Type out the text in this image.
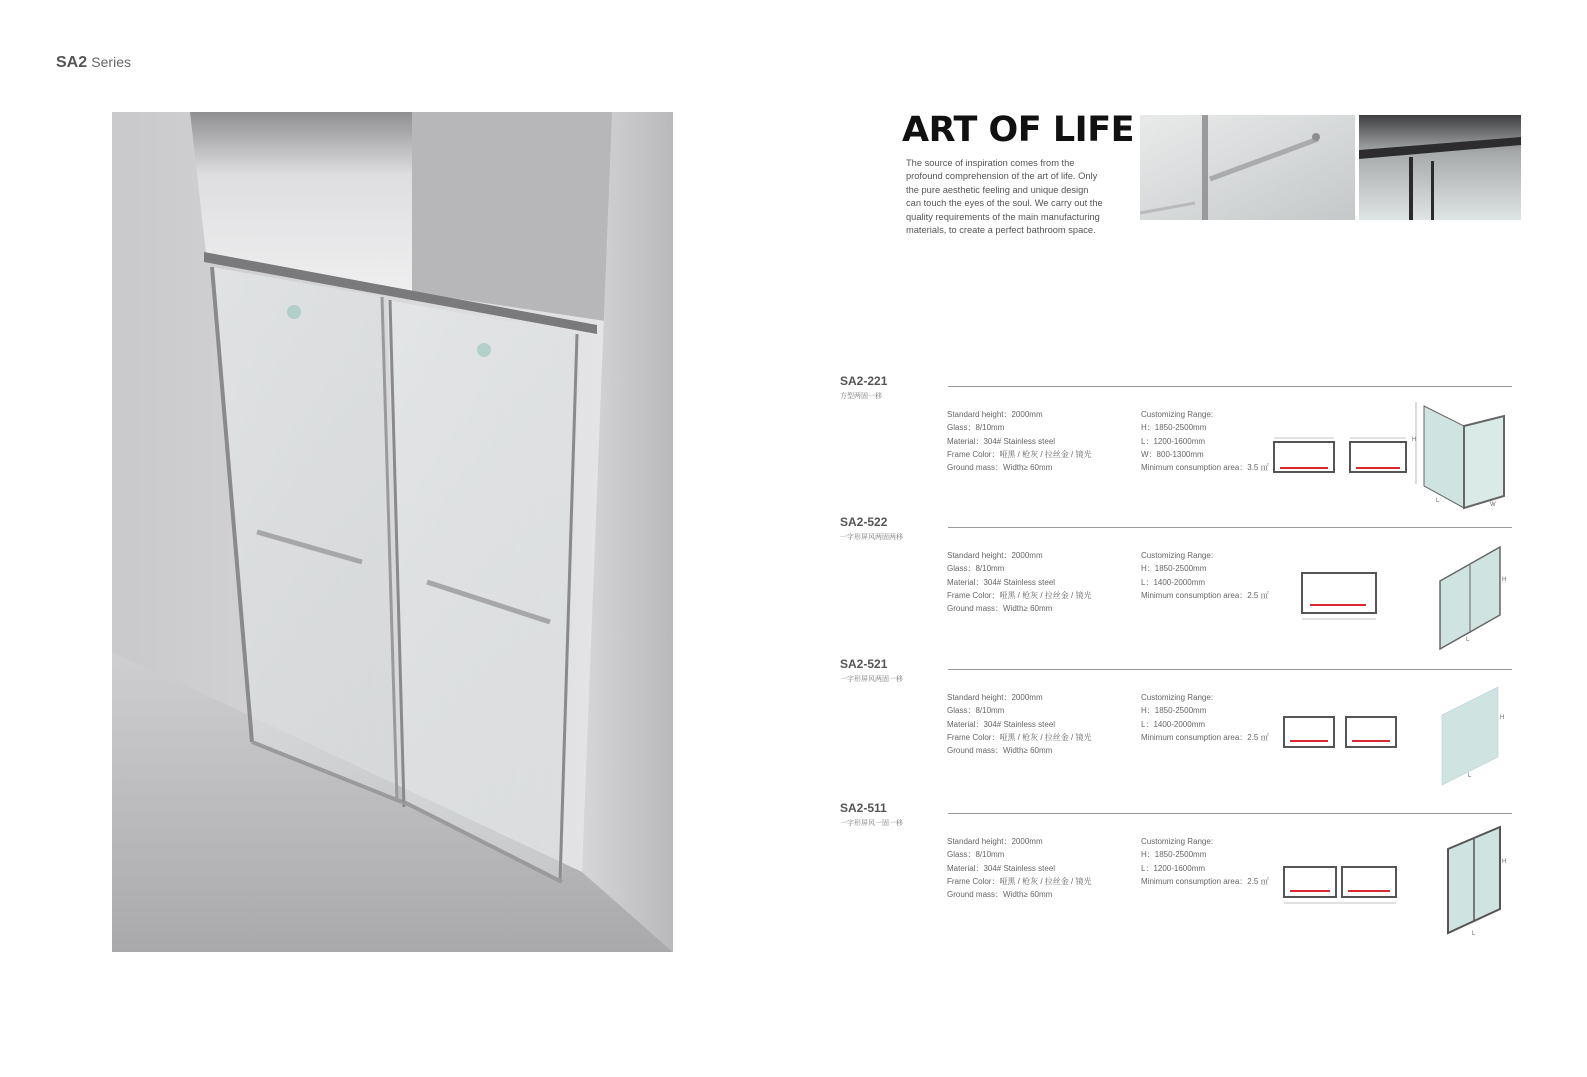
SA2 Series
ART OF LIFE
The source of inspiration comes from the
profound comprehension of the art of life. Only
the pure aesthetic feeling and unique design
can touch the eyes of the soul. We carry out the
quality requirements of the main manufacturing
materials, to create a perfect bathroom space.
SA2-221
方型两固一移
Standard height：2000mm
Glass：8/10mm
Material：304# Stainless steel
Frame Color：哑黑 / 枪灰 / 拉丝金 / 镜光
Ground mass：Width≥ 60mm
Customizing Range:
H：1850-2500mm
L：1200-1600mm
W：800-1300mm
Minimum consumption area：3.5 ㎡
H
L
W
SA2-522
一字形屏风两固两移
Standard height：2000mm
Glass：8/10mm
Material：304# Stainless steel
Frame Color：哑黑 / 枪灰 / 拉丝金 / 镜光
Ground mass：Width≥ 60mm
Customizing Range:
H：1850-2500mm
L：1400-2000mm
Minimum consumption area：2.5 ㎡
H
L
SA2-521
一字形屏风两固一移
Standard height：2000mm
Glass：8/10mm
Material：304# Stainless steel
Frame Color：哑黑 / 枪灰 / 拉丝金 / 镜光
Ground mass：Width≥ 60mm
Customizing Range:
H：1850-2500mm
L：1400-2000mm
Minimum consumption area：2.5 ㎡
H
L
SA2-511
一字形屏风一固一移
Standard height：2000mm
Glass：8/10mm
Material：304# Stainless steel
Frame Color：哑黑 / 枪灰 / 拉丝金 / 镜光
Ground mass：Width≥ 60mm
Customizing Range:
H：1850-2500mm
L：1200-1600mm
Minimum consumption area：2.5 ㎡
H
L
